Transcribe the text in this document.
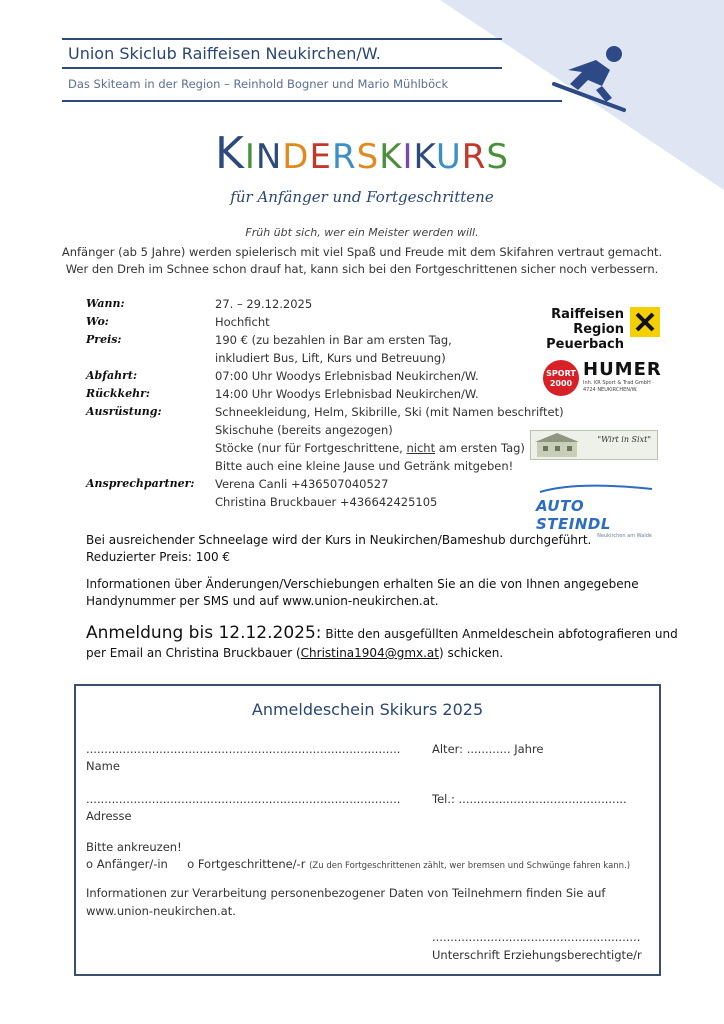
Union Skiclub Raiffeisen Neukirchen/W.
Das Skiteam in der Region – Reinhold Bogner und Mario Mühlböck
KINDERSKIKURS
für Anfänger und Fortgeschrittene
Früh übt sich, wer ein Meister werden will.
Anfänger (ab 5 Jahre) werden spielerisch mit viel Spaß und Freude mit dem Skifahren vertraut gemacht.
Wer den Dreh im Schnee schon drauf hat, kann sich bei den Fortgeschrittenen sicher noch verbessern.
Wann:	27. – 29.12.2025
Wo:	Hochficht
Preis:	190 € (zu bezahlen in Bar am ersten Tag,
inkludiert Bus, Lift, Kurs und Betreuung)
Abfahrt:	07:00 Uhr Woodys Erlebnisbad Neukirchen/W.
Rückkehr:	14:00 Uhr Woodys Erlebnisbad Neukirchen/W.
Ausrüstung:	Schneekleidung, Helm, Skibrille, Ski (mit Namen beschriftet)
Skischuhe (bereits angezogen)
Stöcke (nur für Fortgeschrittene, nicht am ersten Tag)
Bitte auch eine kleine Jause und Getränk mitgeben!
Ansprechpartner:	Verena Canli +436507040527
Christina Bruckbauer +436642425105
Raiffeisen
Region Peuerbach
SPORT
2000
HUMER
Inh. KR Sport & Trad GmbH · 4724 NEUKIRCHEN/W.
"Wirt in Sixt"
AUTO STEINDL
Neukirchen am Walde
Bei ausreichender Schneelage wird der Kurs in Neukirchen/Bameshub durchgeführt.
Reduzierter Preis: 100 €
Informationen über Änderungen/Verschiebungen erhalten Sie an die von Ihnen angegebene
Handynummer per SMS und auf www.union-neukirchen.at.
Anmeldung bis 12.12.2025: Bitte den ausgefüllten Anmeldeschein abfotografieren und
per Email an Christina Bruckbauer (Christina1904@gmx.at) schicken.
Anmeldeschein Skikurs 2025
......................................................................................
Name
Alter: ............ Jahre
......................................................................................
Adresse
Tel.: ..............................................
Bitte ankreuzen!
o Anfänger/-in o Fortgeschrittene/-r (Zu den Fortgeschrittenen zählt, wer bremsen und Schwünge fahren kann.)
Informationen zur Verarbeitung personenbezogener Daten von Teilnehmern finden Sie auf
www.union-neukirchen.at.
.........................................................
Unterschrift Erziehungsberechtigte/r
